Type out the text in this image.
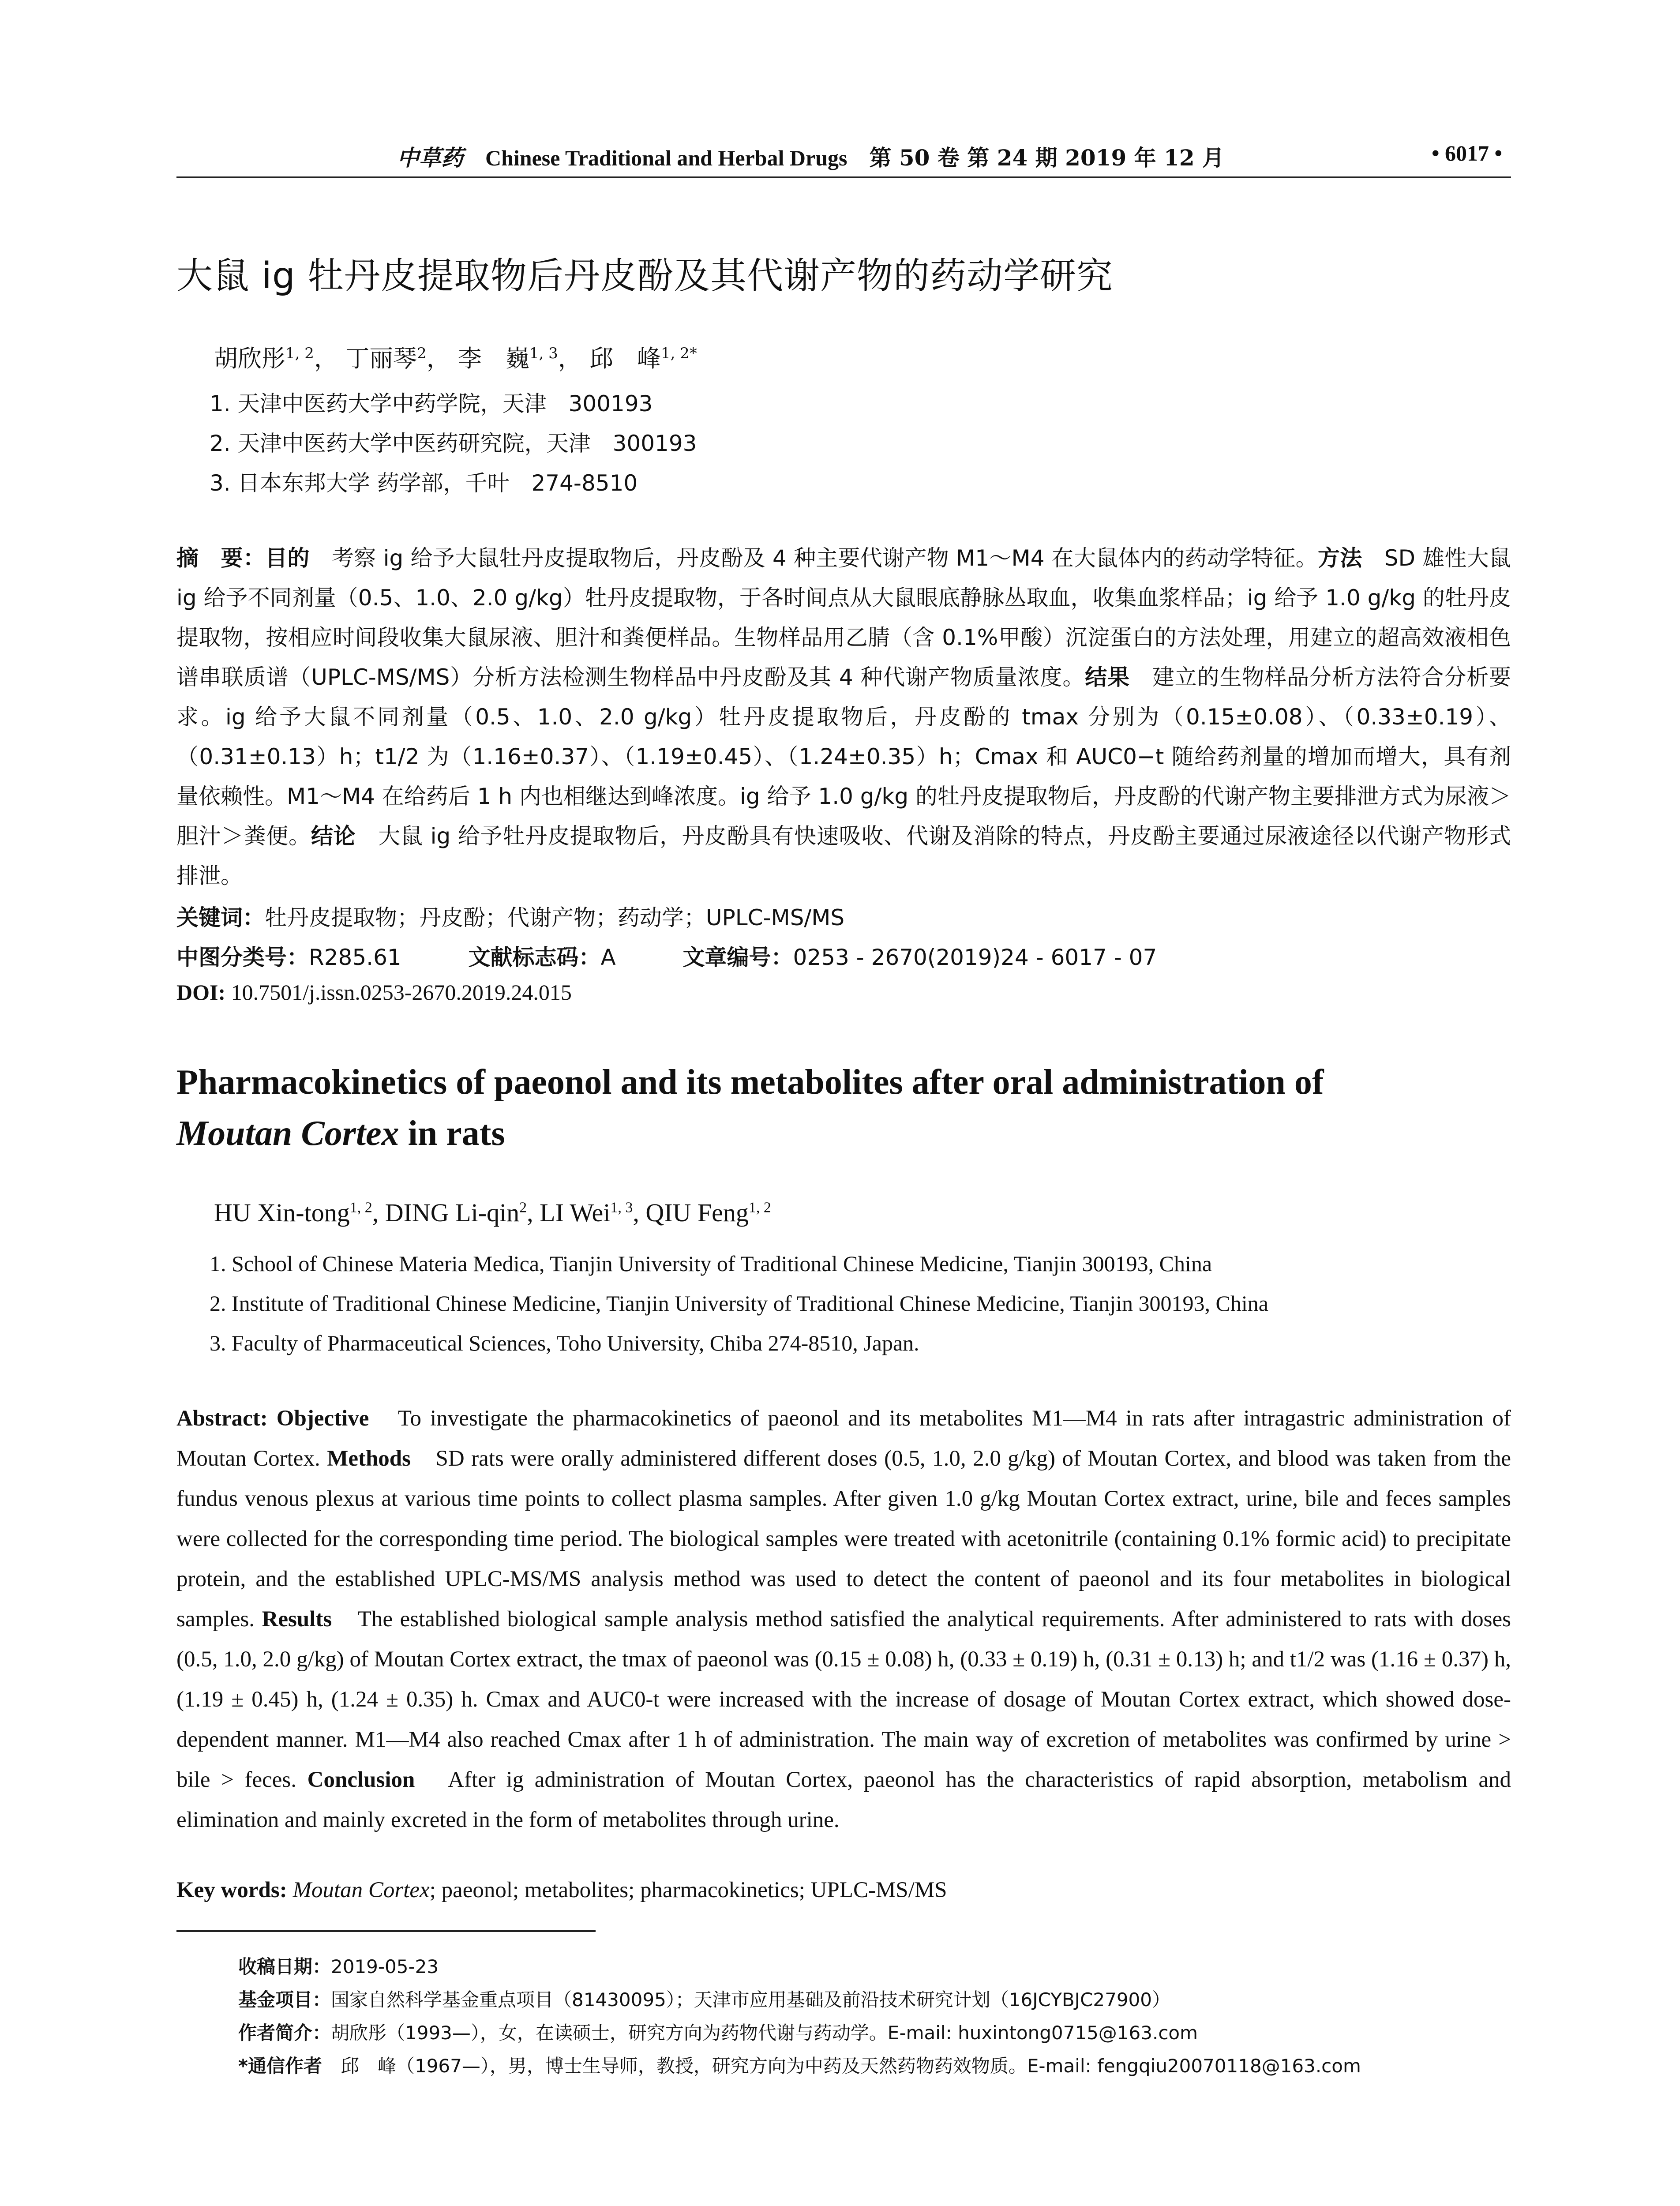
中草药 Chinese Traditional and Herbal Drugs 第 50 卷 第 24 期 2019 年 12 月	• 6017 •
大鼠 ig 牡丹皮提取物后丹皮酚及其代谢产物的药动学研究
胡欣彤$^{1, 2}$， 丁丽琴$^2$， 李　巍$^{1, 3}$， 邱　峰$^{1, 2*}$
1. 天津中医药大学中药学院，天津　300193
2. 天津中医药大学中医药研究院，天津　300193
3. 日本东邦大学 药学部，千叶　274-8510
摘　要：目的　考察 ig 给予大鼠牡丹皮提取物后，丹皮酚及 4 种主要代谢产物 M1～M4 在大鼠体内的药动学特征。方法　SD 雄性大鼠 ig 给予不同剂量（0.5、1.0、2.0 g/kg）牡丹皮提取物，于各时间点从大鼠眼底静脉丛取血，收集血浆样品；ig 给予 1.0 g/kg 的牡丹皮提取物，按相应时间段收集大鼠尿液、胆汁和粪便样品。生物样品用乙腈（含 0.1%甲酸）沉淀蛋白的方法处理，用建立的超高效液相色谱串联质谱（UPLC-MS/MS）分析方法检测生物样品中丹皮酚及其 4 种代谢产物质量浓度。结果　建立的生物样品分析方法符合分析要求。ig 给予大鼠不同剂量（0.5、1.0、2.0 g/kg）牡丹皮提取物后，丹皮酚的 tmax 分别为（0.15±0.08）、（0.33±0.19）、（0.31±0.13）h；t1/2 为（1.16±0.37）、（1.19±0.45）、（1.24±0.35）h；Cmax 和 AUC0−t 随给药剂量的增加而增大，具有剂量依赖性。M1～M4 在给药后 1 h 内也相继达到峰浓度。ig 给予 1.0 g/kg 的牡丹皮提取物后，丹皮酚的代谢产物主要排泄方式为尿液＞胆汁＞粪便。结论　大鼠 ig 给予牡丹皮提取物后，丹皮酚具有快速吸收、代谢及消除的特点，丹皮酚主要通过尿液途径以代谢产物形式排泄。
关键词：牡丹皮提取物；丹皮酚；代谢产物；药动学；UPLC-MS/MS
中图分类号：R285.61	文献标志码：A	文章编号：0253 - 2670(2019)24 - 6017 - 07
DOI: 10.7501/j.issn.0253-2670.2019.24.015
Pharmacokinetics of paeonol and its metabolites after oral administration of
Moutan Cortex in rats
HU Xin-tong$^{1, 2}$, DING Li-qin$^2$, LI Wei$^{1, 3}$, QIU Feng$^{1, 2}$
1. School of Chinese Materia Medica, Tianjin University of Traditional Chinese Medicine, Tianjin 300193, China
2. Institute of Traditional Chinese Medicine, Tianjin University of Traditional Chinese Medicine, Tianjin 300193, China
3. Faculty of Pharmaceutical Sciences, Toho University, Chiba 274-8510, Japan.
Abstract: Objective　To investigate the pharmacokinetics of paeonol and its metabolites M1—M4 in rats after intragastric administration of Moutan Cortex. Methods　SD rats were orally administered different doses (0.5, 1.0, 2.0 g/kg) of Moutan Cortex, and blood was taken from the fundus venous plexus at various time points to collect plasma samples. After given 1.0 g/kg Moutan Cortex extract, urine, bile and feces samples were collected for the corresponding time period. The biological samples were treated with acetonitrile (containing 0.1% formic acid) to precipitate protein, and the established UPLC-MS/MS analysis method was used to detect the content of paeonol and its four metabolites in biological samples. Results　The established biological sample analysis method satisfied the analytical requirements. After administered to rats with doses (0.5, 1.0, 2.0 g/kg) of Moutan Cortex extract, the tmax of paeonol was (0.15 ± 0.08) h, (0.33 ± 0.19) h, (0.31 ± 0.13) h; and t1/2 was (1.16 ± 0.37) h, (1.19 ± 0.45) h, (1.24 ± 0.35) h. Cmax and AUC0-t were increased with the increase of dosage of Moutan Cortex extract, which showed dose-dependent manner. M1—M4 also reached Cmax after 1 h of administration. The main way of excretion of metabolites was confirmed by urine > bile > feces. Conclusion　After ig administration of Moutan Cortex, paeonol has the characteristics of rapid absorption, metabolism and elimination and mainly excreted in the form of metabolites through urine.
Key words: Moutan Cortex; paeonol; metabolites; pharmacokinetics; UPLC-MS/MS
收稿日期：2019-05-23
基金项目：国家自然科学基金重点项目（81430095）；天津市应用基础及前沿技术研究计划（16JCYBJC27900）
作者简介：胡欣彤（1993—），女，在读硕士，研究方向为药物代谢与药动学。E-mail: huxintong0715@163.com
*通信作者　邱　峰（1967—），男，博士生导师，教授，研究方向为中药及天然药物药效物质。E-mail: fengqiu20070118@163.com
